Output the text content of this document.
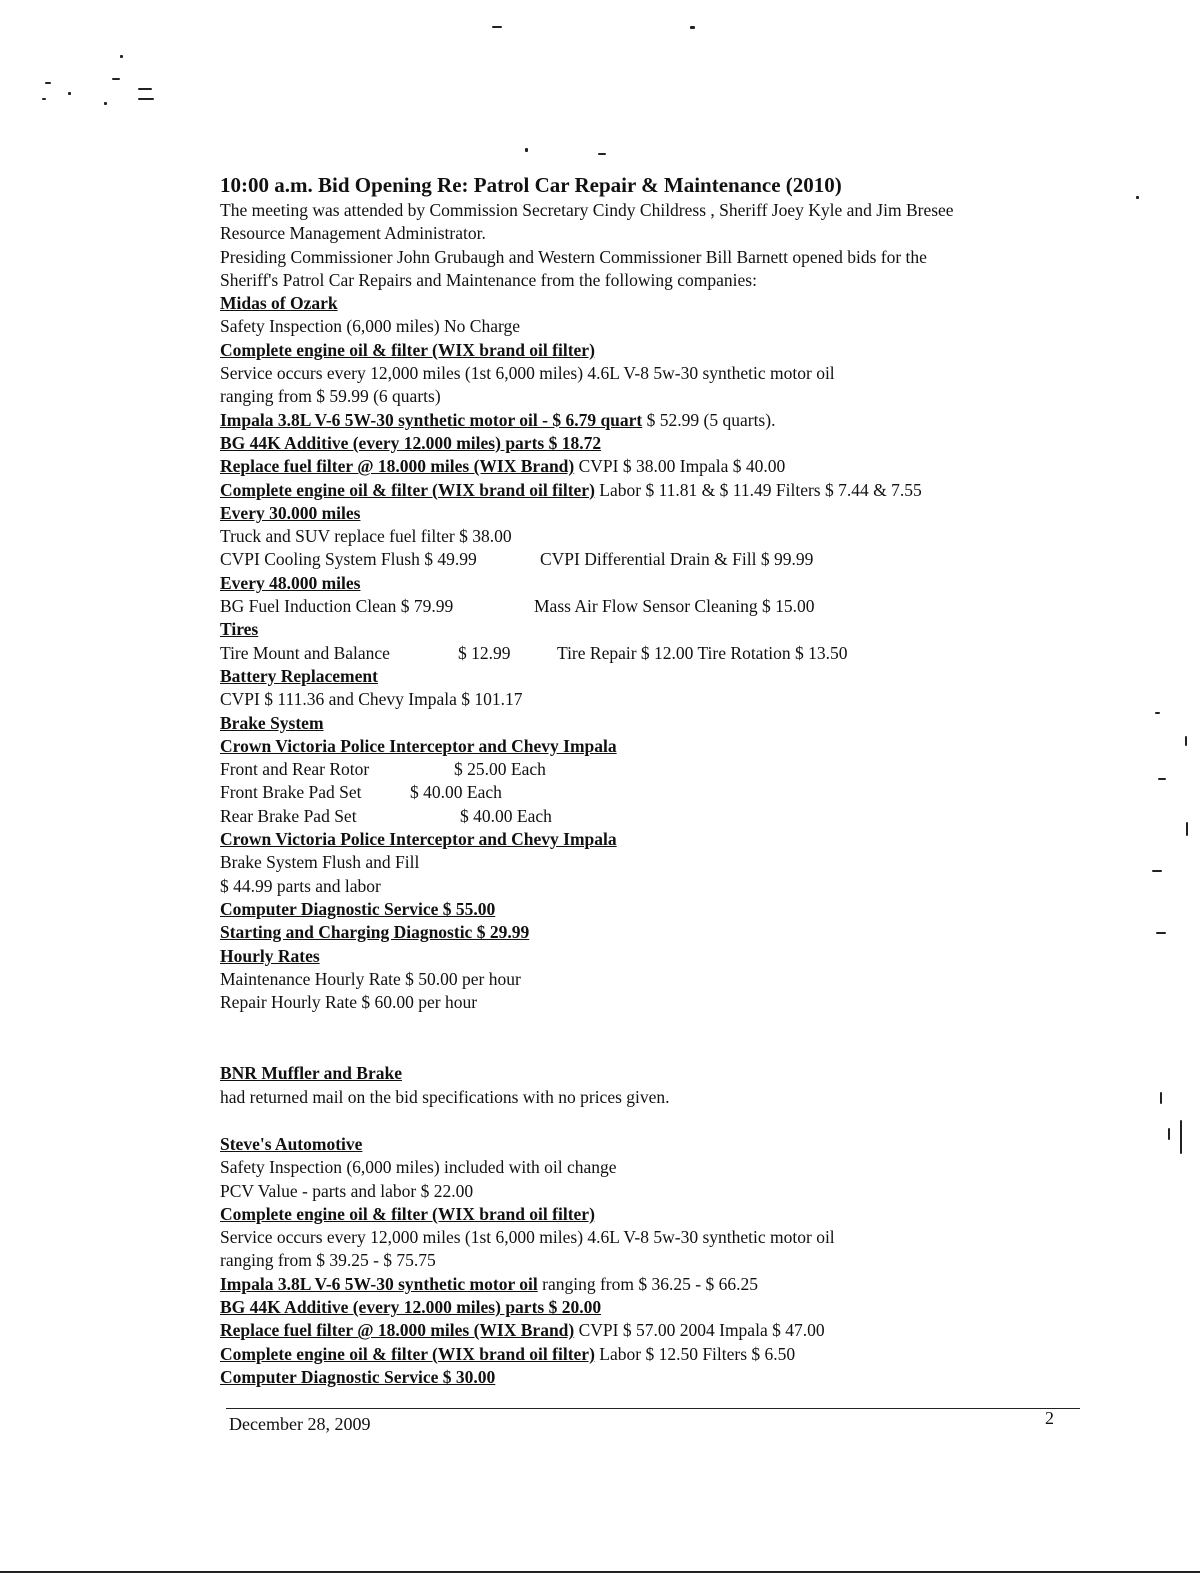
10:00 a.m. Bid Opening Re: Patrol Car Repair & Maintenance (2010)
The meeting was attended by Commission Secretary Cindy Childress , Sheriff Joey Kyle and Jim Bresee
Resource Management Administrator.
Presiding Commissioner John Grubaugh and Western Commissioner Bill Barnett opened bids for the
Sheriff's Patrol Car Repairs and Maintenance from the following companies:
Midas of Ozark
Safety Inspection (6,000 miles) No Charge
Complete engine oil & filter (WIX brand oil filter)
Service occurs every 12,000 miles (1st 6,000 miles) 4.6L V-8 5w-30 synthetic motor oil
ranging from $ 59.99 (6 quarts)
Impala 3.8L V-6 5W-30 synthetic motor oil - $ 6.79 quart $ 52.99 (5 quarts).
BG 44K Additive (every 12.000 miles) parts $ 18.72
Replace fuel filter @ 18.000 miles (WIX Brand) CVPI $ 38.00 Impala $ 40.00
Complete engine oil & filter (WIX brand oil filter) Labor $ 11.81 & $ 11.49 Filters $ 7.44 & 7.55
Every 30.000 miles
Truck and SUV replace fuel filter $ 38.00
CVPI Cooling System Flush $ 49.99	CVPI Differential Drain & Fill $ 99.99
Every 48.000 miles
BG Fuel Induction Clean $ 79.99	Mass Air Flow Sensor Cleaning $ 15.00
Tires
Tire Mount and Balance	$ 12.99	Tire Repair $ 12.00 Tire Rotation $ 13.50
Battery Replacement
CVPI $ 111.36 and Chevy Impala $ 101.17
Brake System
Crown Victoria Police Interceptor and Chevy Impala
Front and Rear Rotor	$ 25.00 Each
Front Brake Pad Set	$ 40.00 Each
Rear Brake Pad Set	$ 40.00 Each
Crown Victoria Police Interceptor and Chevy Impala
Brake System Flush and Fill
$ 44.99 parts and labor
Computer Diagnostic Service $ 55.00
Starting and Charging Diagnostic $ 29.99
Hourly Rates
Maintenance Hourly Rate $ 50.00 per hour
Repair Hourly Rate $ 60.00 per hour
BNR Muffler and Brake
had returned mail on the bid specifications with no prices given.
Steve's Automotive
Safety Inspection (6,000 miles) included with oil change
PCV Value - parts and labor $ 22.00
Complete engine oil & filter (WIX brand oil filter)
Service occurs every 12,000 miles (1st 6,000 miles) 4.6L V-8 5w-30 synthetic motor oil
ranging from $ 39.25 - $ 75.75
Impala 3.8L V-6 5W-30 synthetic motor oil ranging from $ 36.25 - $ 66.25
BG 44K Additive (every 12.000 miles) parts $ 20.00
Replace fuel filter @ 18.000 miles (WIX Brand) CVPI $ 57.00 2004 Impala $ 47.00
Complete engine oil & filter (WIX brand oil filter) Labor $ 12.50 Filters $ 6.50
Computer Diagnostic Service $ 30.00
December 28, 2009	2
